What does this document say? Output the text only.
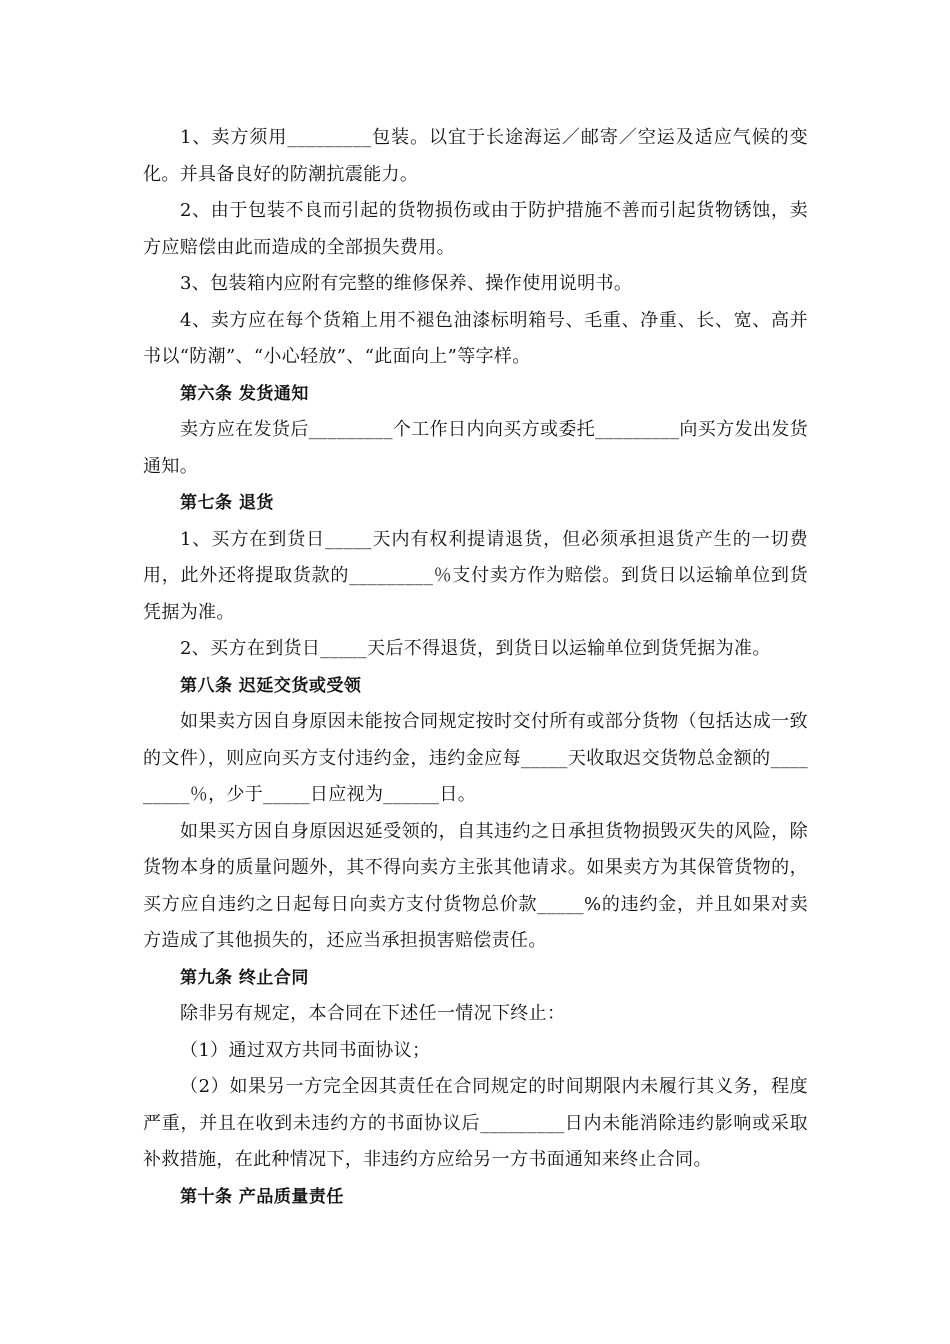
1、卖方须用_________包装。以宜于长途海运／邮寄／空运及适应气候的变化。并具备良好的防潮抗震能力。

2、由于包装不良而引起的货物损伤或由于防护措施不善而引起货物锈蚀，卖方应赔偿由此而造成的全部损失费用。

3、包装箱内应附有完整的维修保养、操作使用说明书。

4、卖方应在每个货箱上用不褪色油漆标明箱号、毛重、净重、长、宽、高并书以“防潮”、“小心轻放”、“此面向上”等字样。

第六条 发货通知

卖方应在发货后_________个工作日内向买方或委托_________向买方发出发货通知。

第七条 退货

1、买方在到货日_____天内有权利提请退货，但必须承担退货产生的一切费用，此外还将提取货款的_________％支付卖方作为赔偿。到货日以运输单位到货凭据为准。

2、买方在到货日_____天后不得退货，到货日以运输单位到货凭据为准。

第八条 迟延交货或受领

如果卖方因自身原因未能按合同规定按时交付所有或部分货物（包括达成一致的文件），则应向买方支付违约金，违约金应每_____天收取迟交货物总金额的_________％，少于_____日应视为______日。

如果买方因自身原因迟延受领的，自其违约之日承担货物损毁灭失的风险，除货物本身的质量问题外，其不得向卖方主张其他请求。如果卖方为其保管货物的，买方应自违约之日起每日向卖方支付货物总价款_____%的违约金，并且如果对卖方造成了其他损失的，还应当承担损害赔偿责任。

第九条 终止合同

除非另有规定，本合同在下述任一情况下终止：

（1）通过双方共同书面协议；

（2）如果另一方完全因其责任在合同规定的时间期限内未履行其义务，程度严重，并且在收到未违约方的书面协议后_________日内未能消除违约影响或采取补救措施，在此种情况下，非违约方应给另一方书面通知来终止合同。

第十条 产品质量责任
